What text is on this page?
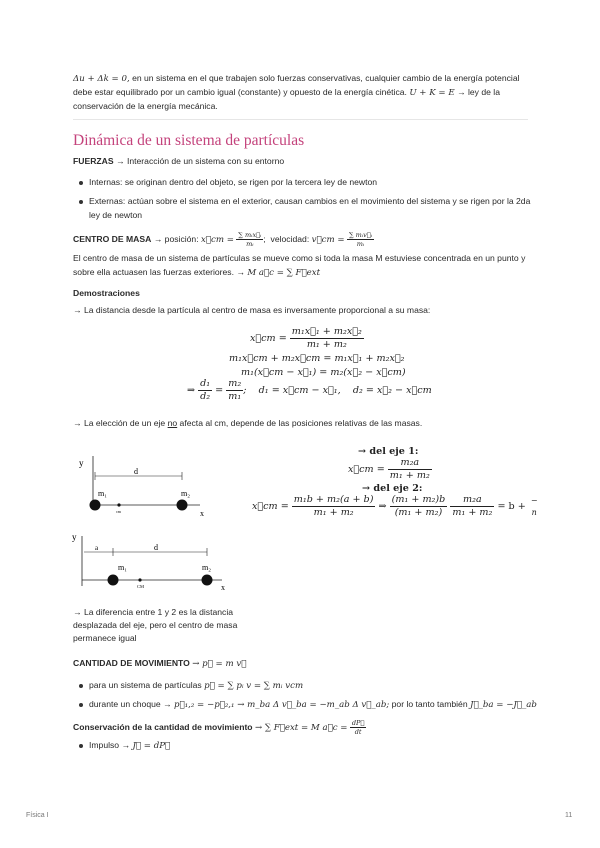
Δu + Δk = 0, en un sistema en el que trabajen solo fuerzas conservativas, cualquier cambio de la energía potencial
debe estar equilibrado por un cambio igual (constante) y opuesto de la energía cinética. U + K = E → ley de la
conservación de la energía mecánica.
Dinámica de un sistema de partículas
FUERZAS → Interacción de un sistema con su entorno
Internas: se originan dentro del objeto, se rigen por la tercera ley de newton
Externas: actúan sobre el sistema en el exterior, causan cambios en el movimiento del sistema y se rigen por la 2da
ley de newton
CENTRO DE MASA → posición: x⃗cm = $\frac{\text{∑ mᵢx⃗ᵢ}}{\text{mᵢ}}$ ;  velocidad: v⃗cm = $\frac{\text{∑ mᵢv⃗ᵢ}}{\text{mᵢ}}$
El centro de masa de un sistema de partículas se mueve como si toda la masa M estuviese concentrada en un punto y
sobre ella actuasen las fuerzas exteriores. → M a⃗c = ∑ F⃗ext
Demostraciones
→ La distancia desde la partícula al centro de masa es inversamente proporcional a su masa:
x⃗cm = $\frac{\text{m₁x⃗₁ + m₂x⃗₂}}{\text{m₁ + m₂}}$
m₁x⃗cm + m₂x⃗cm = m₁x⃗₁ + m₂x⃗₂
m₁(x⃗cm − x⃗₁) = m₂(x⃗₂ − x⃗cm)
⇒ $\frac{\text{d₁}}{\text{d₂}} = \frac{\text{m₂}}{\text{m₁}}$ ;    d₁ = x⃗cm − x⃗₁,    d₂ = x⃗₂ − x⃗cm
→ La elección de un eje no afecta al cm, depende de las posiciones relativas de las masas.
y
x
d
m₁	m₂
cm
y
x
a	d
m₁	m₂
CM
→ del eje 1:
x⃗cm = $\frac{\text{m₂a}}{\text{m₁ + m₂}}$
→ del eje 2:
x⃗cm = $\frac{\text{m₁b + m₂(a + b)}}{\text{m₁ + m₂}}$ ⇒ $\frac{\text{(m₁ + m₂)b}}{\text{(m₁ + m₂)}}$
$\frac{\text{m₂a}}{\text{m₁ + m₂}} = b$ +
−
n
→ La diferencia entre 1 y 2 es la distancia
desplazada del eje, pero el centro de masa
permanece igual
CANTIDAD DE MOVIMIENTO → p⃗ = m v⃗
para un sistema de partículas p⃗ = ∑ pᵢ v = ∑ mᵢ vcm
durante un choque → p⃗₁,₂ = −p⃗₂,₁ → m_ba Δ v⃗_ba = −m_ab Δ v⃗_ab; por lo tanto también J⃗_ba = −J⃗_ab
Conservación de la cantidad de movimiento → ∑ F⃗ext = M a⃗c = $\frac{dP⃗}{dt}$
Impulso → J⃗ = dP⃗
Física I	11
